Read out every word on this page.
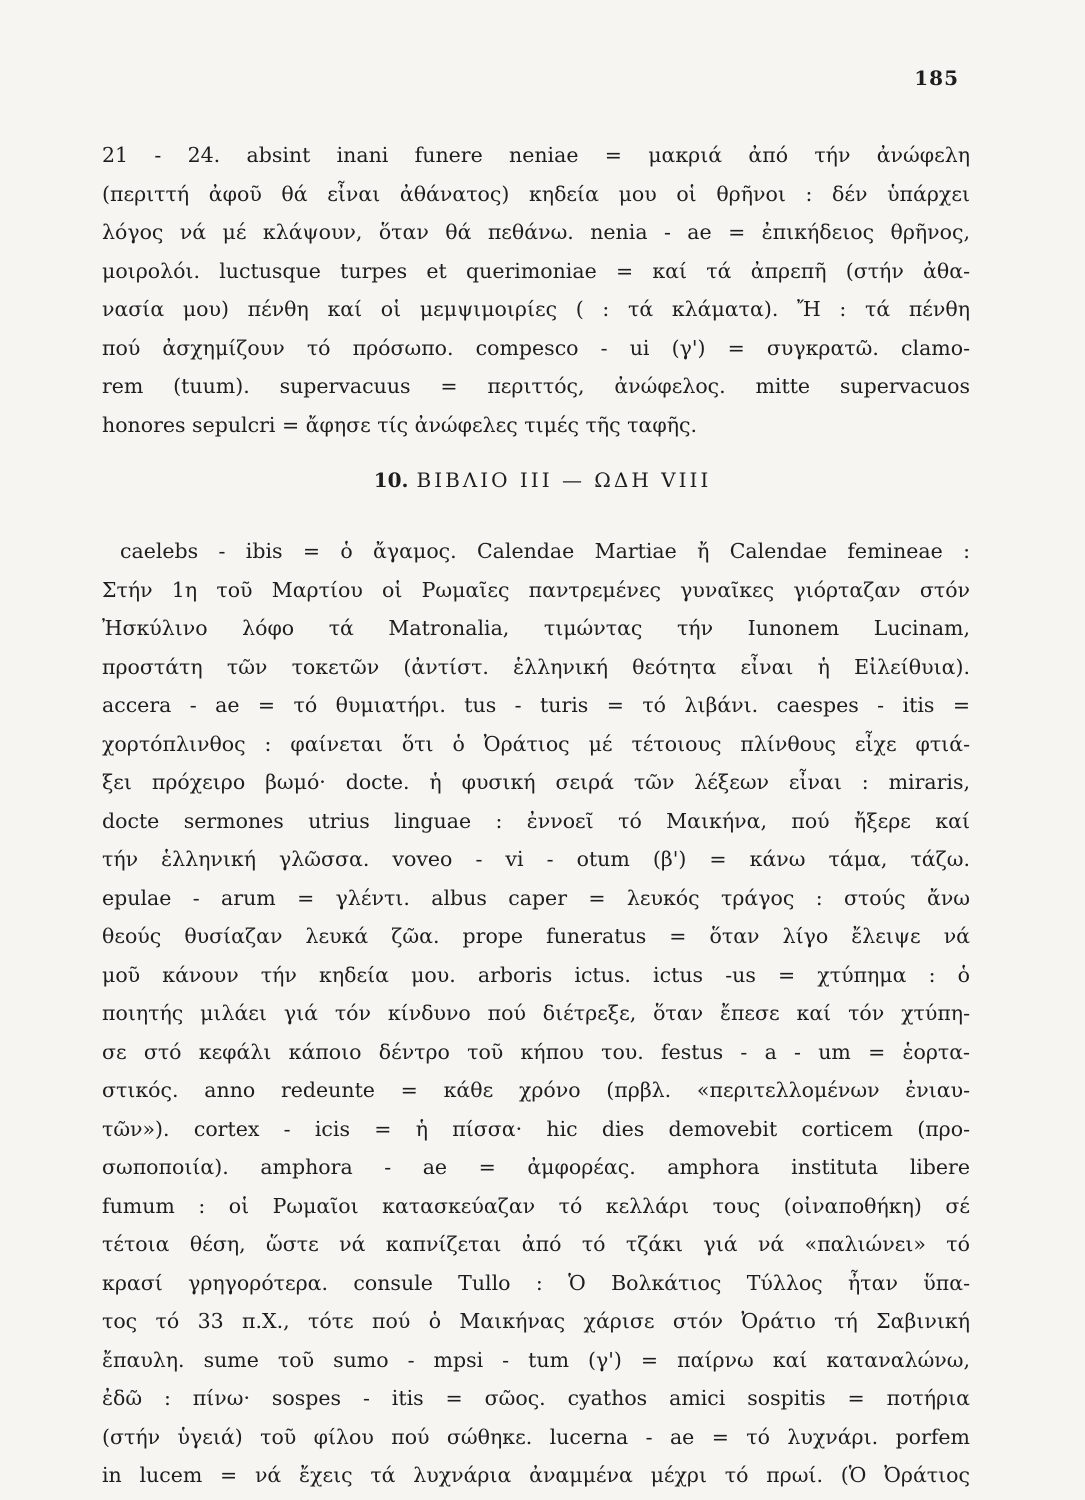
185
21 - 24. absint inani funere neniae = μακριά ἀπό τήν ἀνώφελη
(περιττή ἀφοῦ θά εἶναι ἀθάνατος) κηδεία μου οἱ θρῆνοι : δέν ὑπάρχει
λόγος νά μέ κλάψουν, ὅταν θά πεθάνω. nenia - ae = ἐπικήδειος θρῆνος,
μοιρολόι. luctusque turpes et querimoniae = καί τά ἀπρεπῆ (στήν ἀθα-
νασία μου) πένθη καί οἱ μεμψιμοιρίες ( : τά κλάματα). Ἤ : τά πένθη
πού ἀσχημίζουν τό πρόσωπο. compesco - ui (γ') = συγκρατῶ. clamo-
rem (tuum). supervacuus = περιττός, ἀνώφελος. mitte supervacuos
honores sepulcri = ἄφησε τίς ἀνώφελες τιμές τῆς ταφῆς.
10. ΒΙΒΛΙΟ III — ΩΔΗ VIII
caelebs - ibis = ὁ ἄγαμος. Calendae Martiae ἤ Calendae femineae :
Στήν 1η τοῦ Μαρτίου οἱ Ρωμαῖες παντρεμένες γυναῖκες γιόρταζαν στόν
Ἠσκύλινο λόφο τά Matronalia, τιμώντας τήν Iunonem Lucinam,
προστάτη τῶν τοκετῶν (ἀντίστ. ἑλληνική θεότητα εἶναι ἡ Εἰλείθυια).
accera - ae = τό θυμιατήρι. tus - turis = τό λιβάνι. caespes - itis =
χορτόπλινθος : φαίνεται ὅτι ὁ Ὀράτιος μέ τέτοιους πλίνθους εἶχε φτιά-
ξει πρόχειρο βωμό· docte. ἡ φυσική σειρά τῶν λέξεων εἶναι : miraris,
docte sermones utrius linguae : ἐννοεῖ τό Μαικήνα, πού ἤξερε καί
τήν ἑλληνική γλῶσσα. voveo - vi - otum (β') = κάνω τάμα, τάζω.
epulae - arum = γλέντι. albus caper = λευκός τράγος : στούς ἄνω
θεούς θυσίαζαν λευκά ζῶα. prope funeratus = ὅταν λίγο ἔλειψε νά
μοῦ κάνουν τήν κηδεία μου. arboris ictus. ictus -us = χτύπημα : ὁ
ποιητής μιλάει γιά τόν κίνδυνο πού διέτρεξε, ὅταν ἔπεσε καί τόν χτύπη-
σε στό κεφάλι κάποιο δέντρο τοῦ κήπου του. festus - a - um = ἑορτα-
στικός. anno redeunte = κάθε χρόνο (πρβλ. «περιτελλομένων ἐνιαυ-
τῶν»). cortex - icis = ἡ πίσσα· hic dies demovebit corticem (προ-
σωποποιία). amphora - ae = ἀμφορέας. amphora instituta libere
fumum : οἱ Ρωμαῖοι κατασκεύαζαν τό κελλάρι τους (οἰναποθήκη) σέ
τέτοια θέση, ὥστε νά καπνίζεται ἀπό τό τζάκι γιά νά «παλιώνει» τό
κρασί γρηγορότερα. consule Tullo : Ὁ Βολκάτιος Τύλλος ἦταν ὕπα-
τος τό 33 π.Χ., τότε πού ὁ Μαικήνας χάρισε στόν Ὀράτιο τή Σαβινική
ἔπαυλη. sume τοῦ sumo - mpsi - tum (γ') = παίρνω καί καταναλώνω,
ἐδῶ : πίνω· sospes - itis = σῶος. cyathos amici sospitis = ποτήρια
(στήν ὑγειά) τοῦ φίλου πού σώθηκε. lucerna - ae = τό λυχνάρι. porfem
in lucem = νά ἔχεις τά λυχνάρια ἀναμμένα μέχρι τό πρωί. (Ὁ Ὀράτιος
